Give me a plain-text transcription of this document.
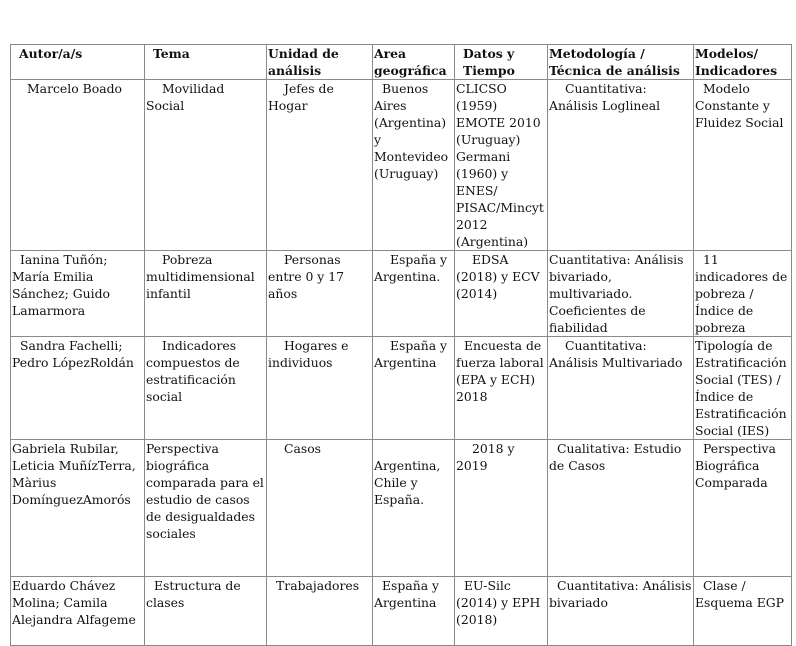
Autor/a/s	Tema	Unidad de análisis	Area geográfica	Datos y Tiempo	Metodología / Técnica de análisis	Modelos/ Indicadores
Marcelo Boado	Movilidad Social	Jefes de Hogar	Buenos Aires (Argentina) y Montevideo (Uruguay)	CLICSO (1959) EMOTE 2010 (Uruguay) Germani (1960) y ENES/ PISAC/Mincyt 2012 (Argentina)	Cuantitativa: Análisis Loglineal	Modelo Constante y Fluidez Social
Ianina Tuñón; María Emilia Sánchez; Guido Lamarmora	Pobreza multidimensional infantil	Personas entre 0 y 17 años	España y Argentina.	EDSA (2018) y ECV (2014)	Cuantitativa: Análisis bivariado, multivariado. Coeficientes de fiabilidad	11 indicadores de pobreza / Índice de pobreza
Sandra Fachelli; Pedro LópezRoldán	Indicadores compuestos de estratificación social	Hogares e individuos	España y Argentina	Encuesta de fuerza laboral (EPA y ECH) 2018	Cuantitativa: Análisis Multivariado	Tipología de Estratificación Social (TES) / Índice de Estratificación Social (IES)
Gabriela Rubilar, Leticia MuñízTerra, Màrius DomínguezAmorós	Perspectiva biográfica comparada para el estudio de casos de desigualdades sociales	Casos	Argentina, Chile y España.	2018 y 2019	Cualitativa: Estudio de Casos	Perspectiva Biográfica Comparada
Eduardo Chávez Molina; Camila Alejandra Alfageme	Estructura de clases	Trabajadores	España y Argentina	EU-Silc (2014) y EPH (2018)	Cuantitativa: Análisis bivariado	Clase / Esquema EGP
